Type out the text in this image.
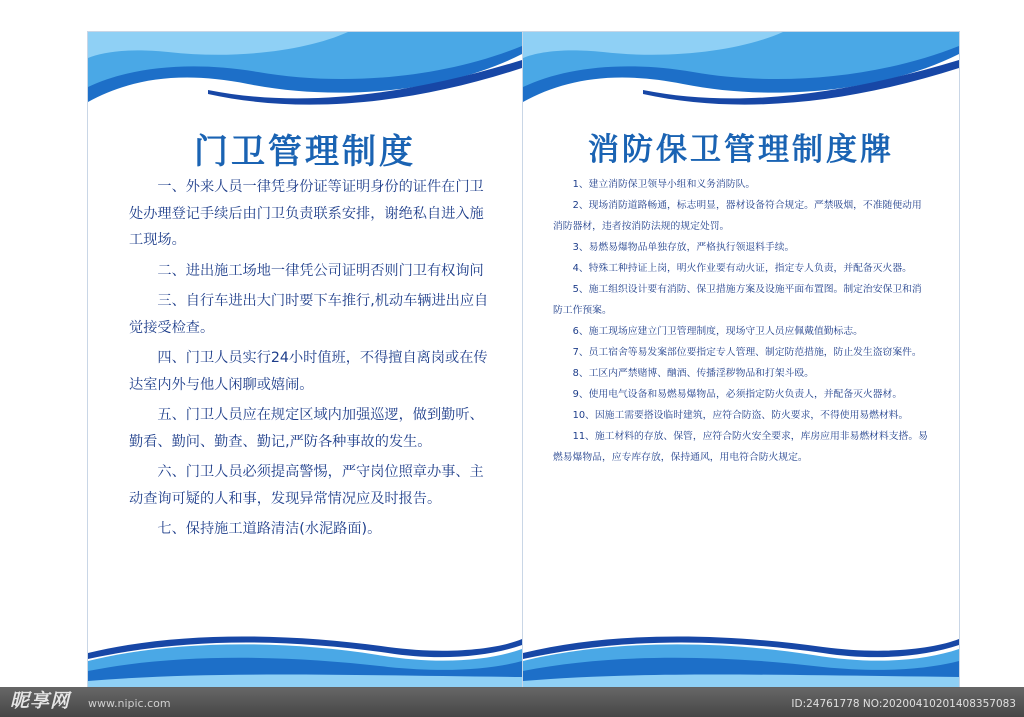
门卫管理制度

一、外来人员一律凭身份证等证明身份的证件在门卫处办理登记手续后由门卫负责联系安排，谢绝私自进入施工现场。

二、进出施工场地一律凭公司证明否则门卫有权询问

三、自行车进出大门时要下车推行,机动车辆进出应自觉接受检查。

四、门卫人员实行24小时值班，不得擅自离岗或在传达室内外与他人闲聊或嬉闹。

五、门卫人员应在规定区域内加强巡逻，做到勤听、勤看、勤问、勤查、勤记,严防各种事故的发生。

六、门卫人员必须提高警惕，严守岗位照章办事、主动查询可疑的人和事，发现异常情况应及时报告。

七、保持施工道路清洁(水泥路面)。

消防保卫管理制度牌

1、建立消防保卫领导小组和义务消防队。

2、现场消防道路畅通，标志明显，器材设备符合规定。严禁吸烟，不准随便动用消防器材，违者按消防法规的规定处罚。

3、易燃易爆物品单独存放，严格执行领退料手续。

4、特殊工种持证上岗，明火作业要有动火证，指定专人负责，并配备灭火器。

5、施工组织设计要有消防、保卫措施方案及设施平面布置图。制定治安保卫和消防工作预案。

6、施工现场应建立门卫管理制度，现场守卫人员应佩戴值勤标志。

7、员工宿舍等易发案部位要指定专人管理、制定防范措施，防止发生盗窃案件。

8、工区内严禁赌博、酗酒、传播淫秽物品和打架斗殴。

9、使用电气设备和易燃易爆物品，必须指定防火负责人，并配备灭火器材。

10、因施工需要搭设临时建筑，应符合防盗、防火要求，不得使用易燃材料。

11、施工材料的存放、保管，应符合防火安全要求，库房应用非易燃材料支搭。易燃易爆物品，应专库存放，保持通风，用电符合防火规定。

昵享网 www.nipic.com	ID:24761778 NO:20200410201408357083
